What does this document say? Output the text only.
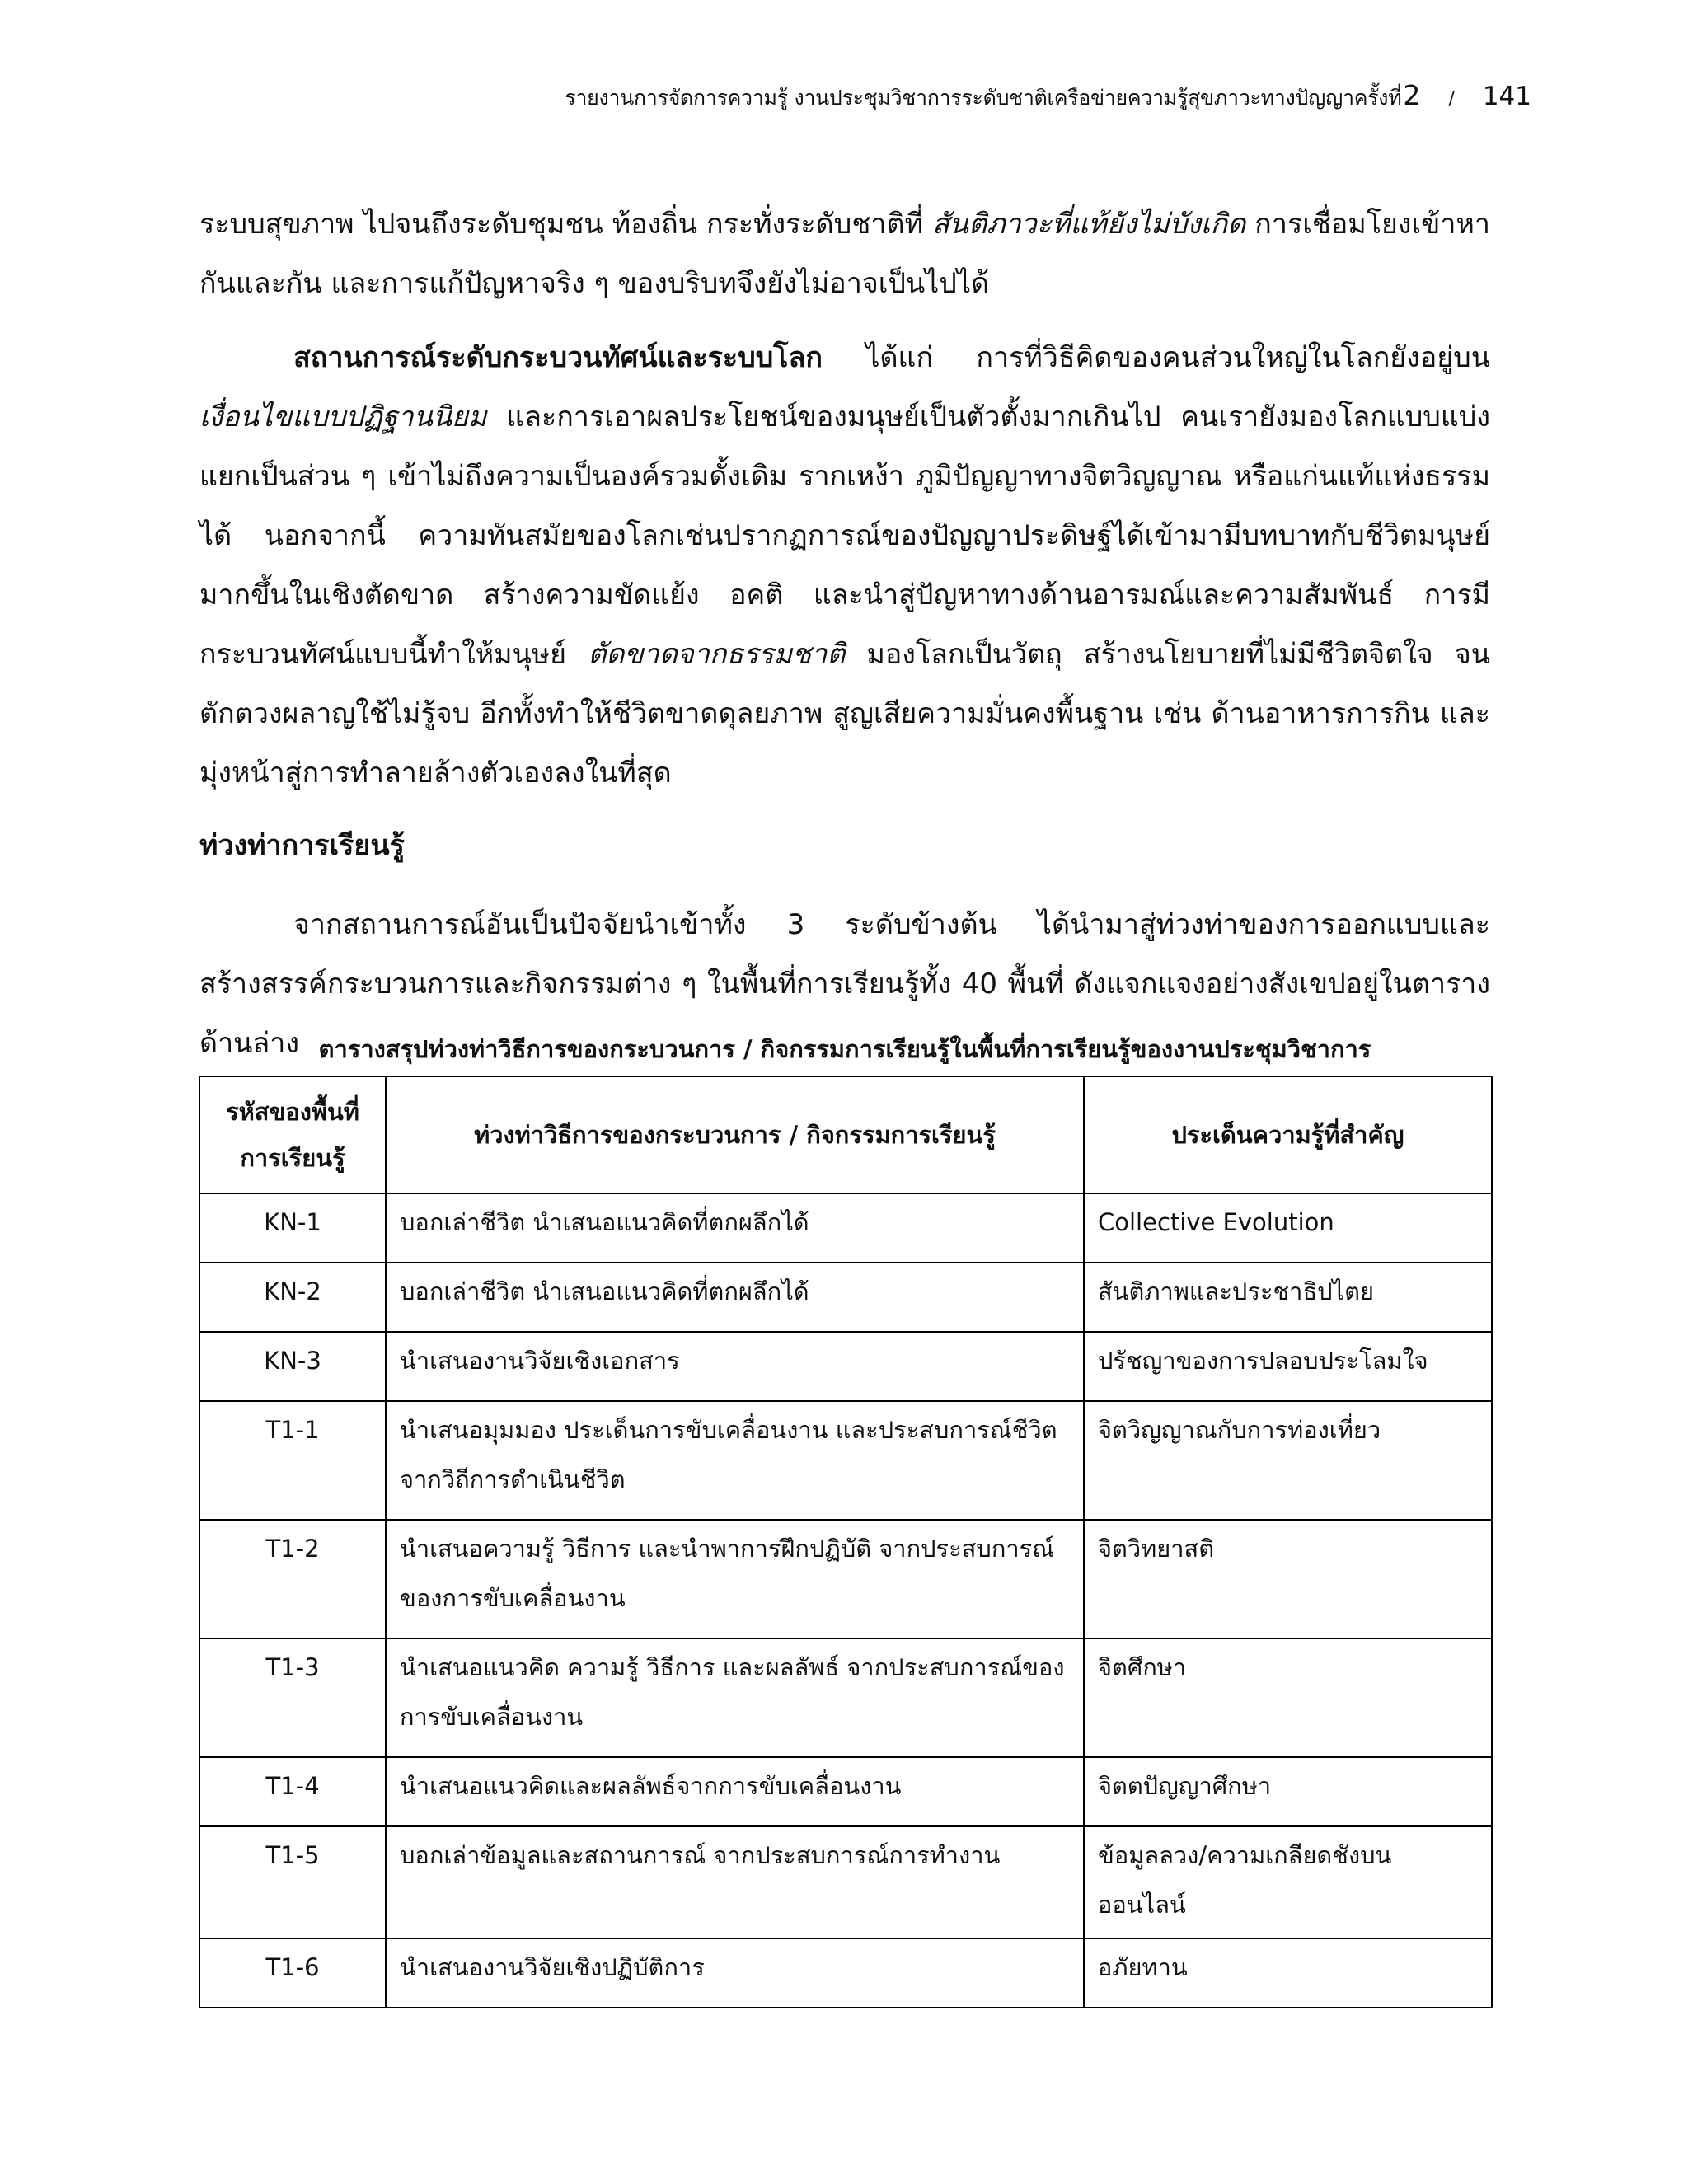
รายงานการจัดการความรู้ งานประชุมวิชาการระดับชาติเครือข่ายความรู้สุขภาวะทางปัญญาครั้งที่ 2 / 141
ระบบสุขภาพ ไปจนถึงระดับชุมชน ท้องถิ่น กระทั่งระดับชาติที่ สันติภาวะที่แท้ยังไม่บังเกิด การเชื่อมโยงเข้าหากันและกัน และการแก้ปัญหาจริง ๆ ของบริบทจึงยังไม่อาจเป็นไปได้
สถานการณ์ระดับกระบวนทัศน์และระบบโลก ได้แก่ การที่วิธีคิดของคนส่วนใหญ่ในโลกยังอยู่บน เงื่อนไขแบบปฏิฐานนิยม และการเอาผลประโยชน์ของมนุษย์เป็นตัวตั้งมากเกินไป คนเรายังมองโลกแบบแบ่งแยกเป็นส่วน ๆ เข้าไม่ถึงความเป็นองค์รวมดั้งเดิม รากเหง้า ภูมิปัญญาทางจิตวิญญาณ หรือแก่นแท้แห่งธรรมได้ นอกจากนี้ ความทันสมัยของโลกเช่นปรากฏการณ์ของปัญญาประดิษฐ์ได้เข้ามามีบทบาทกับชีวิตมนุษย์มากขึ้นในเชิงตัดขาด สร้างความขัดแย้ง อคติ และนำสู่ปัญหาทางด้านอารมณ์และความสัมพันธ์ การมีกระบวนทัศน์แบบนี้ทำให้มนุษย์ ตัดขาดจากธรรมชาติ มองโลกเป็นวัตถุ สร้างนโยบายที่ไม่มีชีวิตจิตใจ จนตักตวงผลาญใช้ไม่รู้จบ อีกทั้งทำให้ชีวิตขาดดุลยภาพ สูญเสียความมั่นคงพื้นฐาน เช่น ด้านอาหารการกิน และมุ่งหน้าสู่การทำลายล้างตัวเองลงในที่สุด
ท่วงท่าการเรียนรู้
จากสถานการณ์อันเป็นปัจจัยนำเข้าทั้ง 3 ระดับข้างต้น ได้นำมาสู่ท่วงท่าของการออกแบบและสร้างสรรค์กระบวนการและกิจกรรมต่าง ๆ ในพื้นที่การเรียนรู้ทั้ง 40 พื้นที่ ดังแจกแจงอย่างสังเขปอยู่ในตารางด้านล่าง ตารางสรุปท่วงท่าวิธีการของกระบวนการ / กิจกรรมการเรียนรู้ในพื้นที่การเรียนรู้ของงานประชุมวิชาการ
รหัสของพื้นที่การเรียนรู้	ท่วงท่าวิธีการของกระบวนการ / กิจกรรมการเรียนรู้	ประเด็นความรู้ที่สำคัญ
KN-1	บอกเล่าชีวิต นำเสนอแนวคิดที่ตกผลึกได้	Collective Evolution
KN-2	บอกเล่าชีวิต นำเสนอแนวคิดที่ตกผลึกได้	สันติภาพและประชาธิปไตย
KN-3	นำเสนองานวิจัยเชิงเอกสาร	ปรัชญาของการปลอบประโลมใจ
T1-1	นำเสนอมุมมอง ประเด็นการขับเคลื่อนงาน และประสบการณ์ชีวิตจากวิถีการดำเนินชีวิต	จิตวิญญาณกับการท่องเที่ยว
T1-2	นำเสนอความรู้ วิธีการ และนำพาการฝึกปฏิบัติ จากประสบการณ์ของการขับเคลื่อนงาน	จิตวิทยาสติ
T1-3	นำเสนอแนวคิด ความรู้ วิธีการ และผลลัพธ์ จากประสบการณ์ของการขับเคลื่อนงาน	จิตศึกษา
T1-4	นำเสนอแนวคิดและผลลัพธ์จากการขับเคลื่อนงาน	จิตตปัญญาศึกษา
T1-5	บอกเล่าข้อมูลและสถานการณ์ จากประสบการณ์การทำงาน	ข้อมูลลวง/ความเกลียดชังบนออนไลน์
T1-6	นำเสนองานวิจัยเชิงปฏิบัติการ	อภัยทาน
